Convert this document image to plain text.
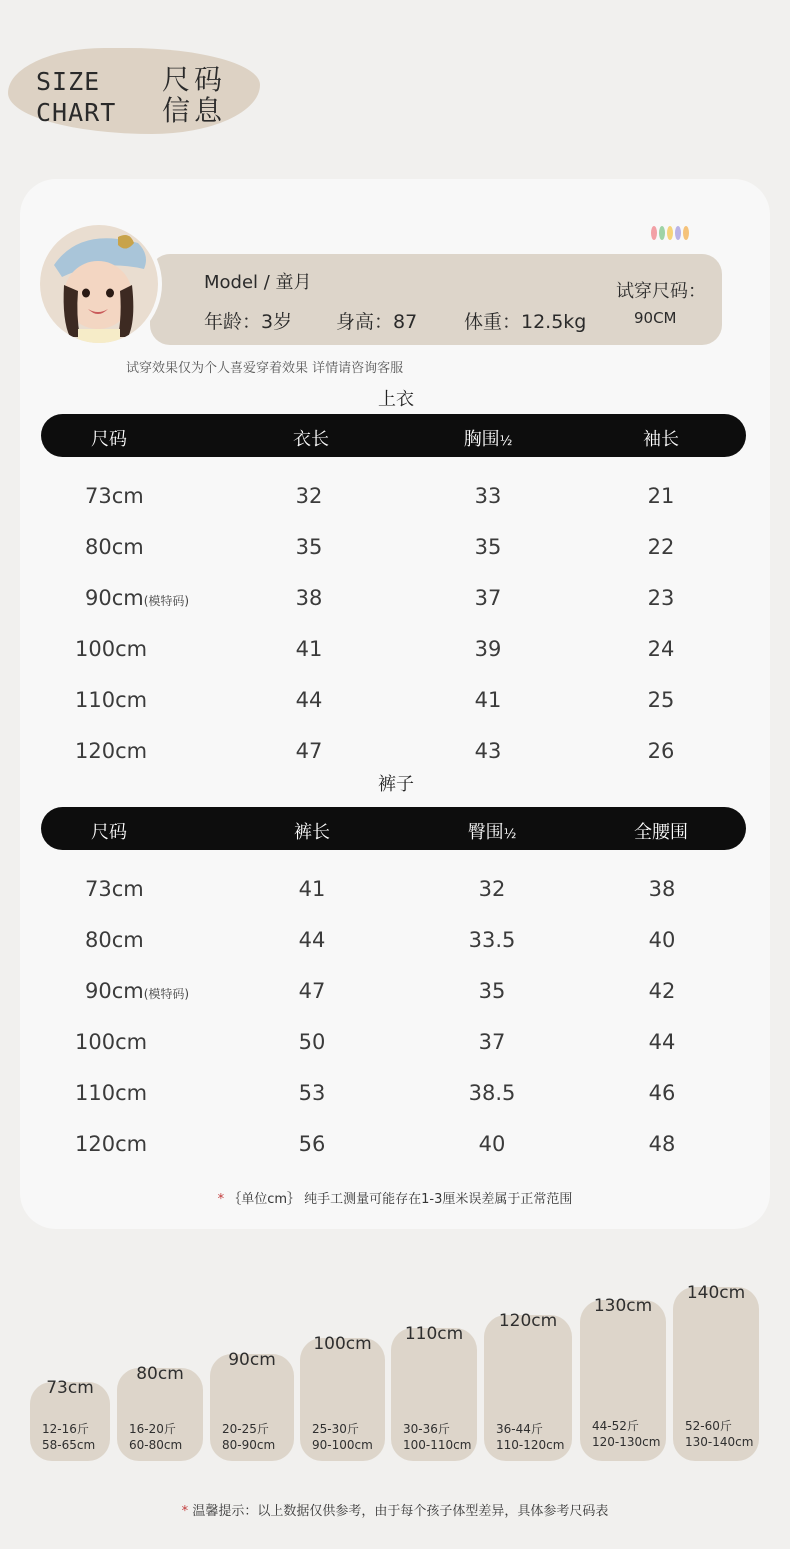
SIZE
CHART
尺码
信息
Model / 童月
年龄：3岁 身高：87 体重：12.5kg
试穿尺码：
90CM
试穿效果仅为个人喜爱穿着效果 详情请咨询客服
上衣
尺码	衣长	胸围½	袖长
73cm	32	33	21
80cm	35	35	22
90cm(模特码)	38	37	23
100cm	41	39	24
110cm	44	41	25
120cm	47	43	26
裤子
尺码	裤长	臀围½	全腰围
73cm	41	32	38
80cm	44	33.5	40
90cm(模特码)	47	35	42
100cm	50	37	44
110cm	53	38.5	46
120cm	56	40	48
* ｛单位cm｝ 纯手工测量可能存在1-3厘米误差属于正常范围
73cm
12-16斤
58-65cm
80cm
16-20斤
60-80cm
90cm
20-25斤
80-90cm
100cm
25-30斤
90-100cm
110cm
30-36斤
100-110cm
120cm
36-44斤
110-120cm
130cm
44-52斤
120-130cm
140cm
52-60斤
130-140cm
* 温馨提示：以上数据仅供参考，由于每个孩子体型差异，具体参考尺码表
